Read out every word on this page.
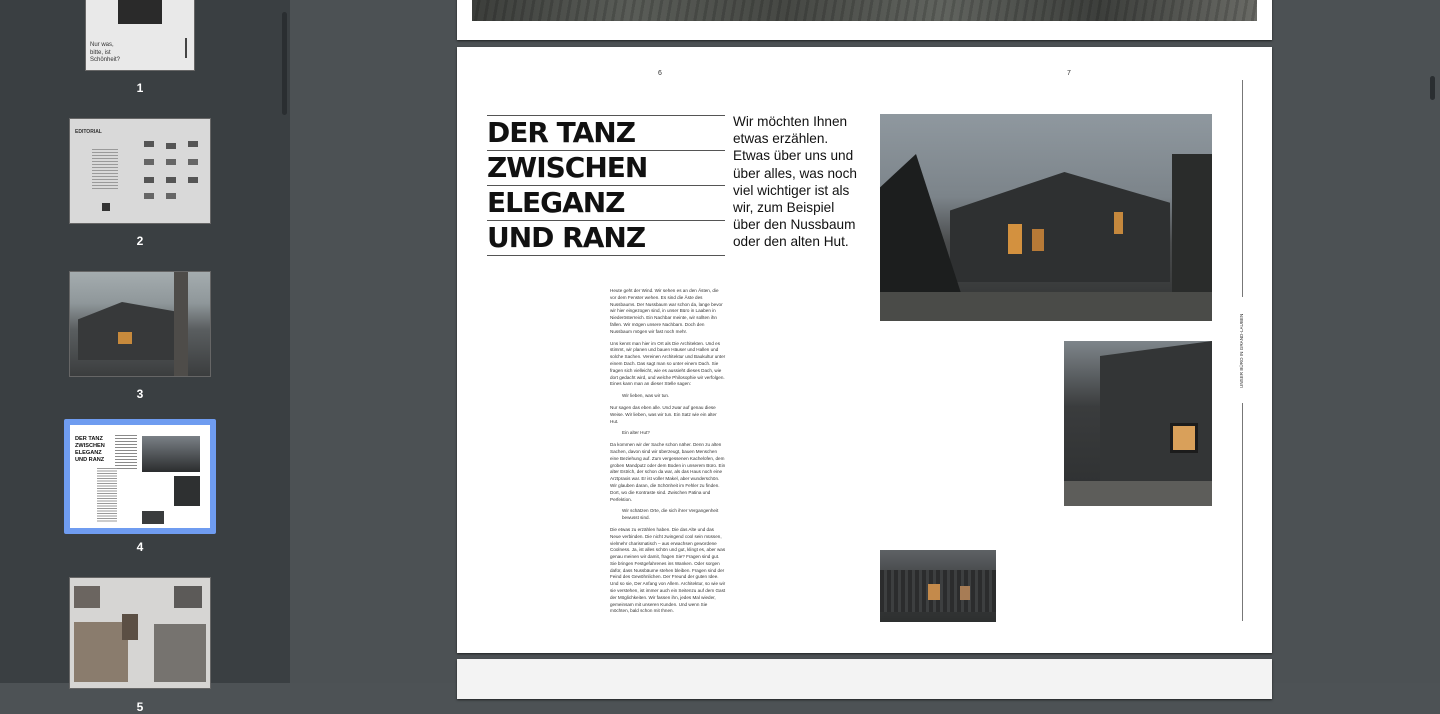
Nur was, bitte, ist Schönheit?
1
EDITORIAL
2
3
DER TANZ ZWISCHEN ELEGANZ UND RANZ
4
5
6	7
DER TANZ
ZWISCHEN
ELEGANZ
UND RANZ
Wir möchten Ihnen etwas erzählen. Etwas über uns und über alles, was noch viel wichtiger ist als wir, zum Beispiel über den Nussbaum oder den alten Hut.

Heute geht der Wind. Wir sehen es an den Ästen, die vor dem Fenster wehen. Es sind die Äste des Nussbaums. Der Nussbaum war schon da, lange bevor wir hier eingezogen sind, in unser Büro in Laaben in Niederösterreich. Ein Nachbar meinte, wir sollten ihn fällen. Wir mögen unsere Nachbarn. Doch den Nussbaum mögen wir fast noch mehr.

Uns kennt man hier im Ort als Die Architekten. Und es stimmt, wir planen und bauen Häuser und Hallen und solche Sachen. Vereinen Architektur und Baukultur unter einem Dach. Das sagt man so unter einem Dach. Sie fragen sich vielleicht, wie es aussieht dieses Dach, wie dort gedacht wird, und welche Philosophie wir verfolgen. Eines kann man an dieser Stelle sagen:

Wir lieben, was wir tun.

Nur sagen das eben alle. Und zwar auf genau diese Weise. Wir lieben, was wir tun. Ein Satz wie ein alter Hut.

Ein alter Hut?

Da kommen wir der Sache schon näher. Denn zu alten Sachen, davon sind wir überzeugt, bauen Menschen eine Beziehung auf. Zum vergessenen Kachelofen, dem groben Mandputz oder dem Boden in unserem Büro. Ein alter Estrich, der schon da war, als das Haus noch eine Arztpraxis war. Er ist voller Makel, aber wunderschön. Wir glauben daran, die Schönheit im Fehler zu finden. Dort, wo die Kontraste sind. Zwischen Patina und Perfektion.

Wir schätzen Orte, die sich ihrer Vergangenheit bewusst sind.

Die etwas zu erzählen haben. Die das Alte und das Neue verbinden. Die nicht zwingend cool sein müssen, vielmehr charismatisch – aus erwachsen gewordene Coolness. Ja, ist alles schön und gut, klingt es, aber was genau meinen wir damit, fragen Sie? Fragen sind gut. Sie bringen Festgefahrenes ins Wanken. Oder sorgen dafür, dass Nussbäume stehen bleiben. Fragen sind der Feind des Gewöhnlichen. Der Freund der guten Idee. Und so sie, Der Anfang von Allem. Architektur, so wie wir sie verstehen, ist immer auch ein Seitenzu auf dem Gast der Möglichkeiten. Wir fassen ihn, jedes Mal wieder, gemeinsam mit unseren Kunden. Und wenn Sie möchten, bald schon mit Ihnen.

UNSER BÜRO IN GRAND-LAUBEN
